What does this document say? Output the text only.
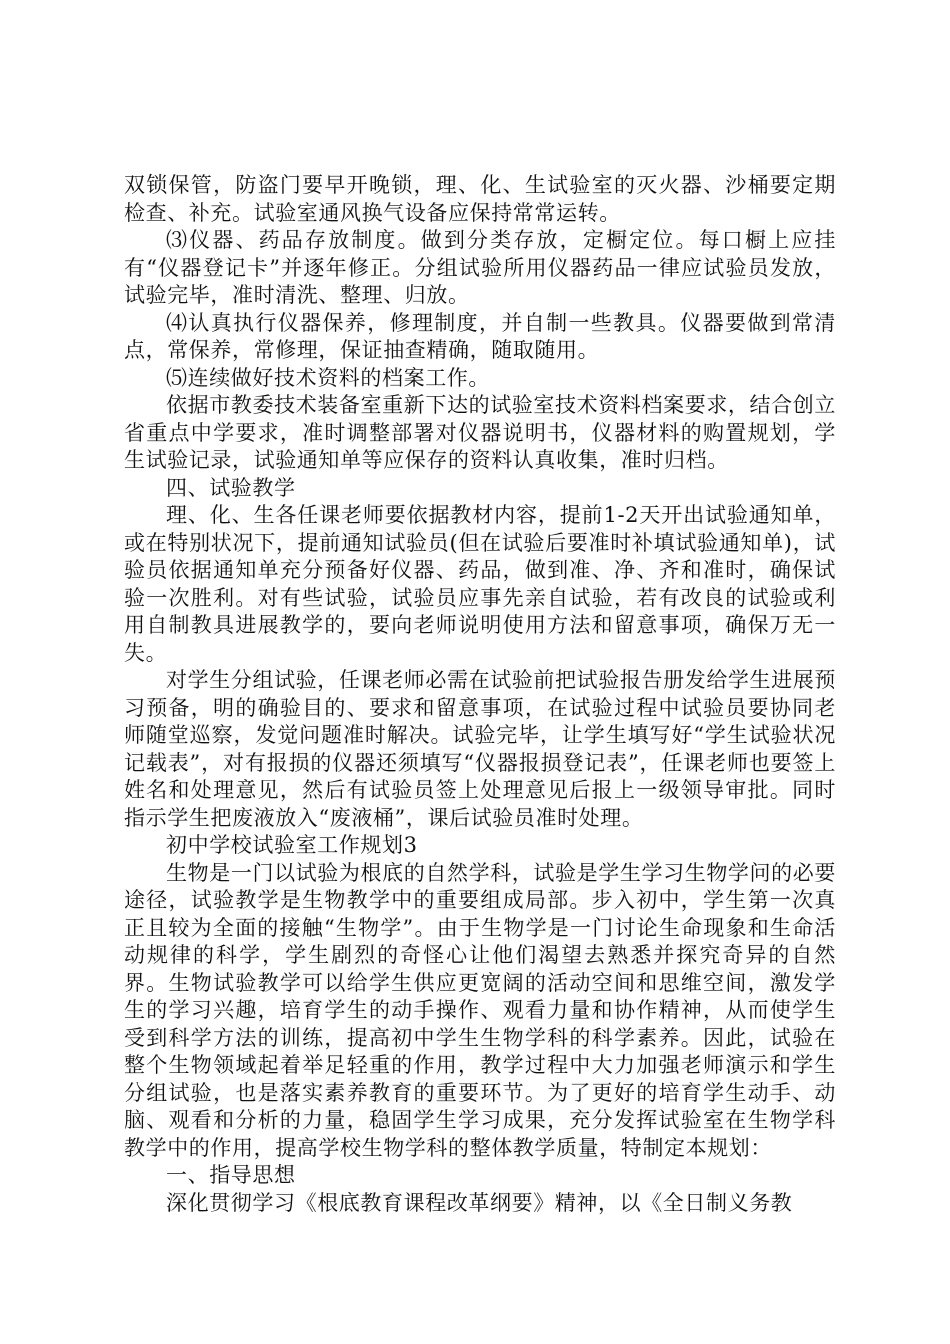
双锁保管，防盗门要早开晚锁，理、化、生试验室的灭火器、沙桶要定期检查、补充。试验室通风换气设备应保持常常运转。

⑶仪器、药品存放制度。做到分类存放，定橱定位。每口橱上应挂有“仪器登记卡”并逐年修正。分组试验所用仪器药品一律应试验员发放，试验完毕，准时清洗、整理、归放。

⑷认真执行仪器保养，修理制度，并自制一些教具。仪器要做到常清点，常保养，常修理，保证抽查精确，随取随用。

⑸连续做好技术资料的档案工作。

依据市教委技术装备室重新下达的试验室技术资料档案要求，结合创立省重点中学要求，准时调整部署对仪器说明书，仪器材料的购置规划，学生试验记录，试验通知单等应保存的资料认真收集，准时归档。

四、试验教学

理、化、生各任课老师要依据教材内容，提前1-2天开出试验通知单，或在特别状况下，提前通知试验员(但在试验后要准时补填试验通知单)，试验员依据通知单充分预备好仪器、药品，做到准、净、齐和准时，确保试验一次胜利。对有些试验，试验员应事先亲自试验，若有改良的试验或利用自制教具进展教学的，要向老师说明使用方法和留意事项，确保万无一失。

对学生分组试验，任课老师必需在试验前把试验报告册发给学生进展预习预备，明的确验目的、要求和留意事项，在试验过程中试验员要协同老师随堂巡察，发觉问题准时解决。试验完毕，让学生填写好“学生试验状况记载表”，对有报损的仪器还须填写“仪器报损登记表”，任课老师也要签上姓名和处理意见，然后有试验员签上处理意见后报上一级领导审批。同时指示学生把废液放入“废液桶”，课后试验员准时处理。

初中学校试验室工作规划3

生物是一门以试验为根底的自然学科，试验是学生学习生物学问的必要途径，试验教学是生物教学中的重要组成局部。步入初中，学生第一次真正且较为全面的接触“生物学”。由于生物学是一门讨论生命现象和生命活动规律的科学，学生剧烈的奇怪心让他们渴望去熟悉并探究奇异的自然界。生物试验教学可以给学生供应更宽阔的活动空间和思维空间，激发学生的学习兴趣，培育学生的动手操作、观看力量和协作精神，从而使学生受到科学方法的训练，提高初中学生生物学科的科学素养。因此，试验在整个生物领域起着举足轻重的作用，教学过程中大力加强老师演示和学生分组试验，也是落实素养教育的重要环节。为了更好的培育学生动手、动脑、观看和分析的力量，稳固学生学习成果，充分发挥试验室在生物学科教学中的作用，提高学校生物学科的整体教学质量，特制定本规划：

一、指导思想

深化贯彻学习《根底教育课程改革纲要》精神，以《全日制义务教
